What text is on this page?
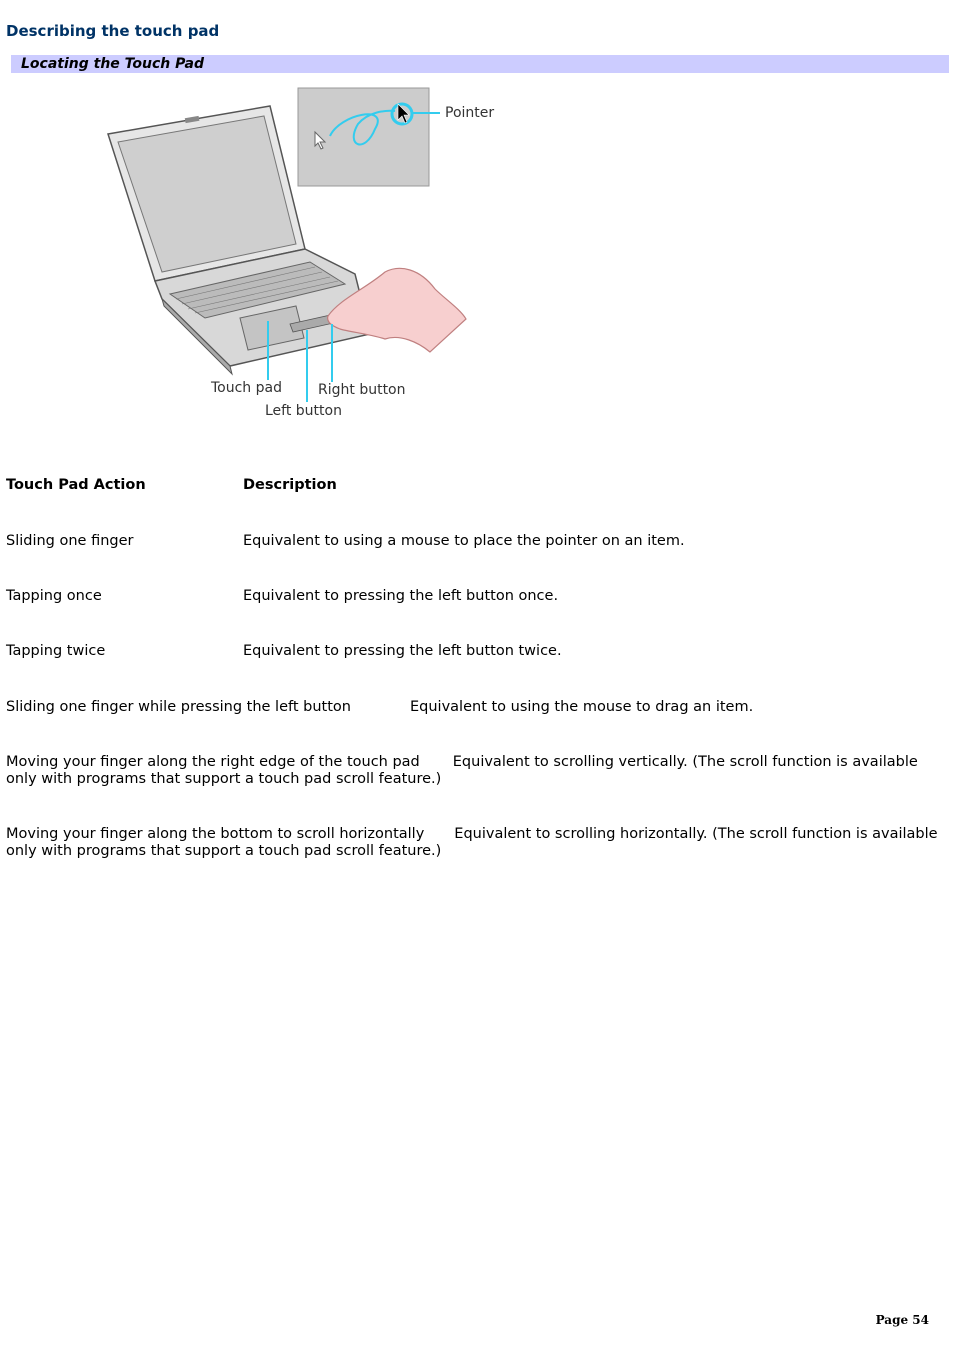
Describing the touch pad
Locating the Touch Pad
Pointer
Touch pad	Right button
Left button
Touch Pad Action	Description
Sliding one finger	Equivalent to using a mouse to place the pointer on an item.
Tapping once	Equivalent to pressing the left button once.
Tapping twice	Equivalent to pressing the left button twice.
Sliding one finger while pressing the left button	Equivalent to using the mouse to drag an item.
Moving your finger along the right edge of the touch pad Equivalent to scrolling vertically. (The scroll function is available only with programs that support a touch pad scroll feature.)
Moving your finger along the bottom to scroll horizontally Equivalent to scrolling horizontally. (The scroll function is available only with programs that support a touch pad scroll feature.)
Page 54
